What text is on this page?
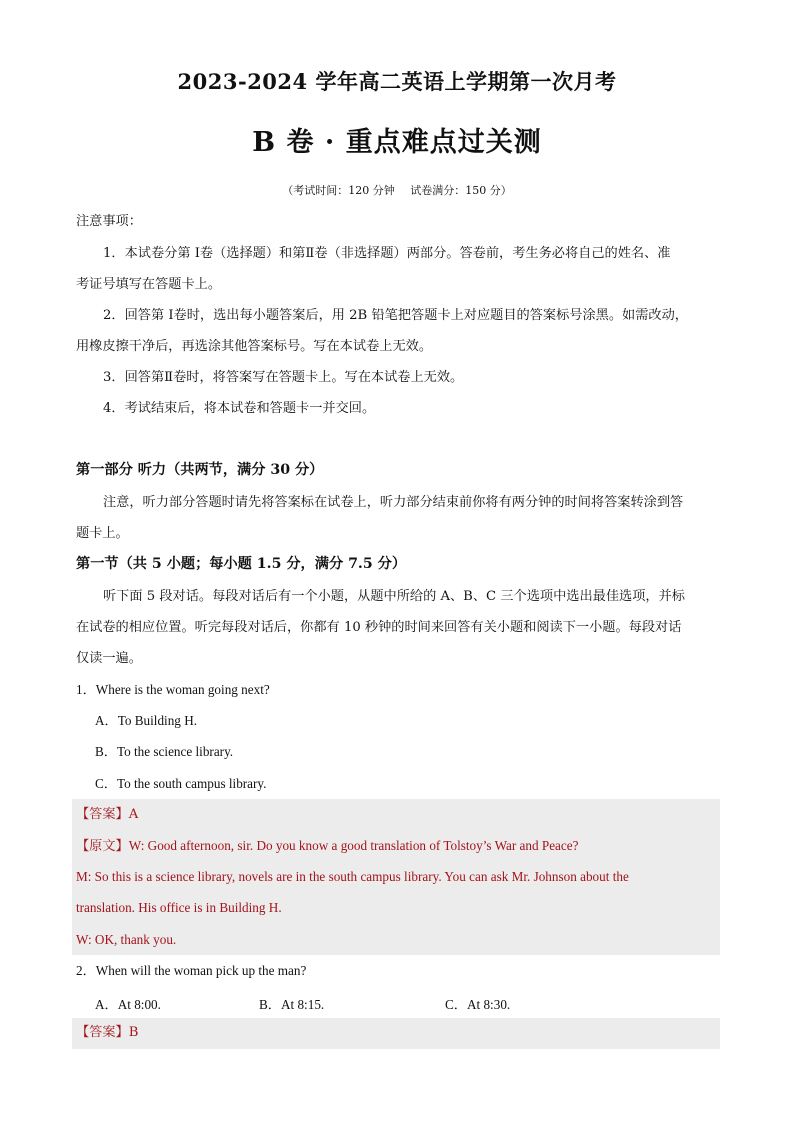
2023-2024 学年高二英语上学期第一次月考
B 卷 · 重点难点过关测
（考试时间：120 分钟 试卷满分：150 分）
注意事项：
1．本试卷分第 Ⅰ卷（选择题）和第Ⅱ卷（非选择题）两部分。答卷前，考生务必将自己的姓名、准
考证号填写在答题卡上。
2．回答第 Ⅰ卷时，选出每小题答案后，用 2B 铅笔把答题卡上对应题目的答案标号涂黑。如需改动，
用橡皮擦干净后，再选涂其他答案标号。写在本试卷上无效。
3．回答第Ⅱ卷时，将答案写在答题卡上。写在本试卷上无效。
4．考试结束后，将本试卷和答题卡一并交回。
第一部分 听力（共两节，满分 30 分）
注意，听力部分答题时请先将答案标在试卷上，听力部分结束前你将有两分钟的时间将答案转涂到答
题卡上。
第一节（共 5 小题；每小题 1.5 分，满分 7.5 分）
听下面 5 段对话。每段对话后有一个小题，从题中所给的 A、B、C 三个选项中选出最佳选项，并标
在试卷的相应位置。听完每段对话后，你都有 10 秒钟的时间来回答有关小题和阅读下一小题。每段对话
仅读一遍。
1．Where is the woman going next?
A．To Building H.
B．To the science library.
C．To the south campus library.
【答案】A
【原文】W: Good afternoon, sir. Do you know a good translation of Tolstoy’s War and Peace?
M: So this is a science library, novels are in the south campus library. You can ask Mr. Johnson about the
translation. His office is in Building H.
W: OK, thank you.
2．When will the woman pick up the man?
A．At 8:00.	B．At 8:15.	C．At 8:30.
【答案】B
